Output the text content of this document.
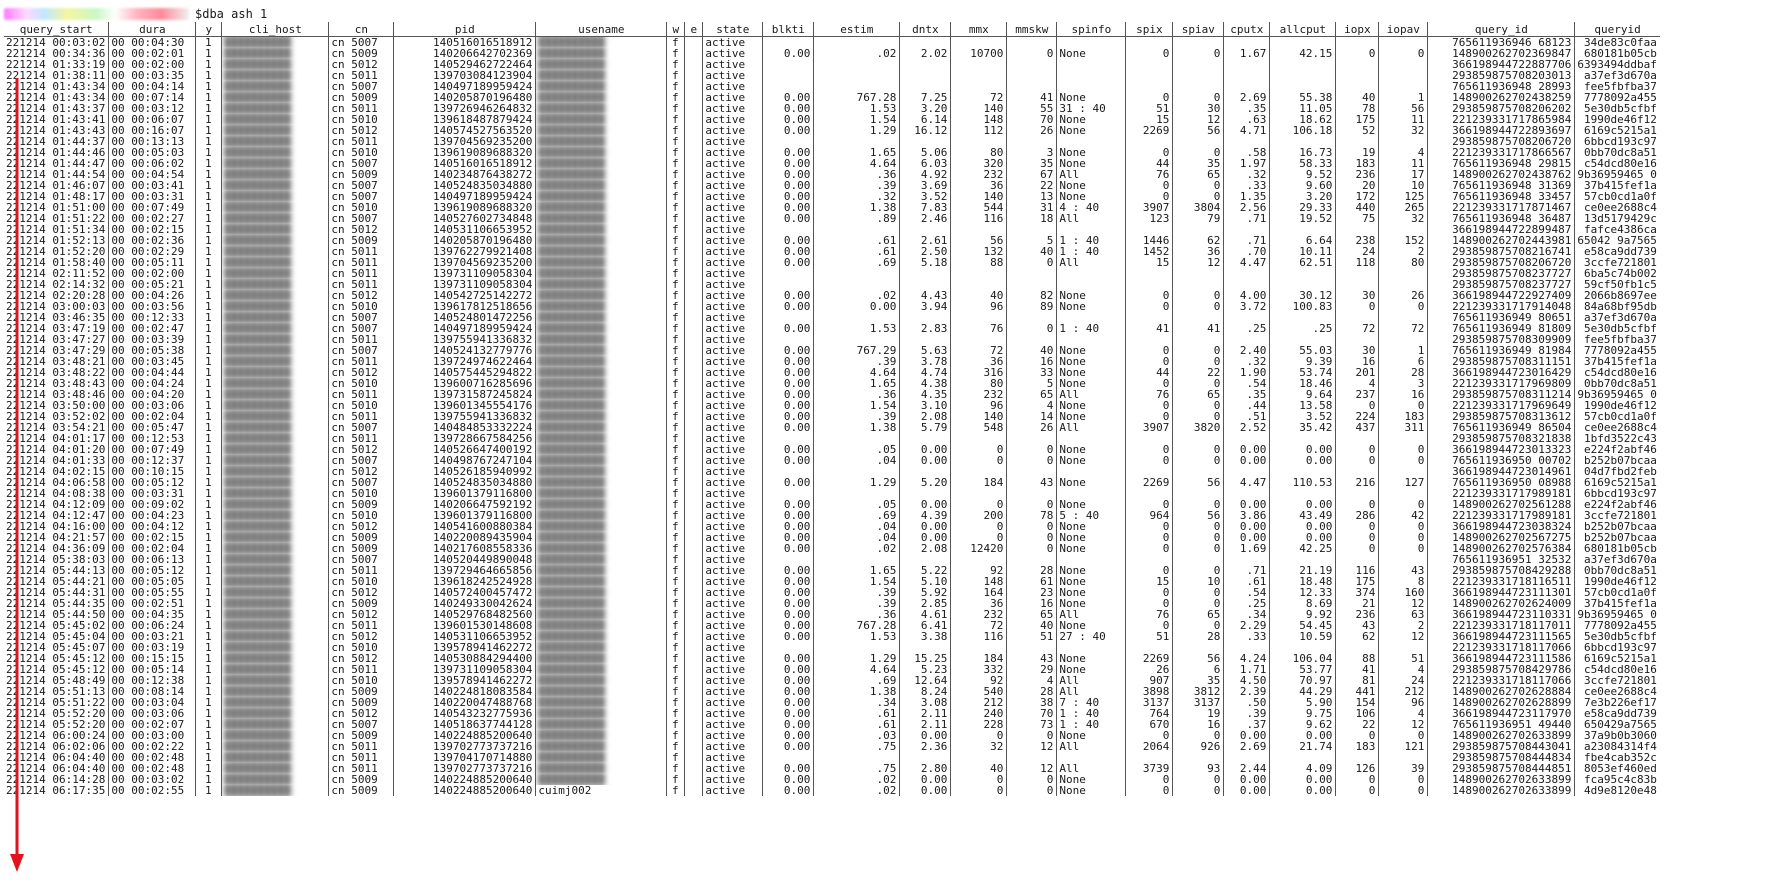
$dba ash 1
query_start	dura	y	cli_host	cn	pid	usename	w	e	state	blkti	estim	dntx	mmx	mmskw	spinfo	spix	spiav	cputx	allcput	iopx	iopav	query_id	queryid
221214 00:03:02	00 00:04:30	1	██████████	cn_5007	140516016518912	██████████	f		active													765611936946 68123	34de83c0faa
221214 00:34:36	00 00:02:01	1	██████████	cn_5009	140206642702369	██████████	f		active	0.00	.02	2.02	10700	0	None	0	0	1.67	42.15	0	0	148900262702369847	680181b05cb
221214 01:33:19	00 00:02:00	1	██████████	cn_5012	140529462722464	██████████	f		active													366198944722887706	6393494ddbaf
221214 01:38:11	00 00:03:35	1	██████████	cn_5011	139703084123904	██████████	f		active													293859875708203013	a37ef3d670a
221214 01:43:34	00 00:04:14	1	██████████	cn_5007	140497189959424	██████████	f		active													765611936948 28993	fee5fbfba37
221214 01:43:34	00 00:07:14	1	██████████	cn_5009	140205870196480	██████████	f		active	0.00	767.28	7.25	72	41	None	0	0	2.69	55.38	40	1	148900262702438259	7778092a455
221214 01:43:37	00 00:03:12	1	██████████	cn_5011	139726946264832	██████████	f		active	0.00	1.53	3.20	140	55	31 : 40	51	30	.35	11.05	78	56	293859875708206202	5e30db5cfbf
221214 01:43:41	00 00:06:07	1	██████████	cn_5010	139618487879424	██████████	f		active	0.00	1.54	6.14	148	70	None	15	12	.63	18.62	175	11	221239331717865984	1990de46f12
221214 01:43:43	00 00:16:07	1	██████████	cn_5012	140574527563520	██████████	f		active	0.00	1.29	16.12	112	26	None	2269	56	4.71	106.18	52	32	366198944722893697	6169c5215a1
221214 01:44:37	00 00:13:13	1	██████████	cn_5011	139704569235200	██████████	f		active													293859875708206720	6bbcd193c97
221214 01:44:46	00 00:05:03	1	██████████	cn_5010	139619089688320	██████████	f		active	0.00	1.65	5.06	80	3	None	0	0	.58	16.73	19	4	221239331717866567	0bb70dc8a51
221214 01:44:47	00 00:06:02	1	██████████	cn_5007	140516016518912	██████████	f		active	0.00	4.64	6.03	320	35	None	44	35	1.97	58.33	183	11	765611936948 29815	c54dcd80e16
221214 01:44:54	00 00:04:54	1	██████████	cn_5009	140234876438272	██████████	f		active	0.00	.36	4.92	232	67	All	76	65	.32	9.52	236	17	148900262702438762	9b36959465 0
221214 01:46:07	00 00:03:41	1	██████████	cn_5007	140524835034880	██████████	f		active	0.00	.39	3.69	36	22	None	0	0	.33	9.60	20	10	765611936948 31369	37b415fef1a
221214 01:48:17	00 00:03:31	1	██████████	cn_5007	140497189959424	██████████	f		active	0.00	.32	3.52	140	13	None	0	0	1.35	3.20	172	125	765611936948 33457	57cb0cd1a0f
221214 01:51:00	00 00:07:49	1	██████████	cn_5010	139619089688320	██████████	f		active	0.00	1.38	7.83	544	31	4 : 40	3907	3804	2.56	29.33	440	265	221239331717871467	ce0ee2688c4
221214 01:51:22	00 00:02:27	1	██████████	cn_5007	140527602734848	██████████	f		active	0.00	.89	2.46	116	18	All	123	79	.71	19.52	75	32	765611936948 36487	13d5179429c
221214 01:51:34	00 00:02:15	1	██████████	cn_5012	140531106653952	██████████	f		active													366198944722899487	fafce4386ca
221214 01:52:13	00 00:02:36	1	██████████	cn_5009	140205870196480	██████████	f		active	0.00	.61	2.61	56	5	1 : 40	1446	62	.71	6.64	238	152	148900262702443981	65042 9a7565
221214 01:52:20	00 00:02:29	1	██████████	cn_5011	139762279921408	██████████	f		active	0.00	.61	2.50	132	40	1 : 40	1452	36	.70	10.11	24	2	293859875708216741	e58ca9dd739
221214 01:58:40	00 00:05:11	1	██████████	cn_5011	139704569235200	██████████	f		active	0.00	.69	5.18	88	0	All	15	12	4.47	62.51	118	80	293859875708206720	3ccfe721801
221214 02:11:52	00 00:02:00	1	██████████	cn_5011	139731109058304	██████████	f		active													293859875708237727	6ba5c74b002
221214 02:14:32	00 00:05:21	1	██████████	cn_5011	139731109058304	██████████	f		active													293859875708237727	59cf50fb1c5
221214 02:20:28	00 00:04:26	1	██████████	cn_5012	140542725142272	██████████	f		active	0.00	.02	4.43	40	82	None	0	0	4.00	30.12	30	26	366198944722927409	2066b8697ee
221214 03:00:03	00 00:03:56	1	██████████	cn_5010	139617812518656	██████████	f		active	0.00	0.00	3.94	96	89	None	0	0	3.72	100.83	0	0	221239331717914048	84a68bf95db
221214 03:46:35	00 00:12:33	1	██████████	cn_5007	140524801472256	██████████	f		active													765611936949 80651	a37ef3d670a
221214 03:47:19	00 00:02:47	1	██████████	cn_5007	140497189959424	██████████	f		active	0.00	1.53	2.83	76	0	1 : 40	41	41	.25	.25	72	72	765611936949 81809	5e30db5cfbf
221214 03:47:27	00 00:03:39	1	██████████	cn_5011	139755941336832	██████████	f		active													293859875708309909	fee5fbfba37
221214 03:47:29	00 00:05:38	1	██████████	cn_5007	140524132779776	██████████	f		active	0.00	767.29	5.63	72	40	None	0	0	2.40	55.03	30	1	765611936949 81984	7778092a455
221214 03:48:21	00 00:03:45	1	██████████	cn_5011	139724974622464	██████████	f		active	0.00	.39	3.78	36	16	None	0	0	.32	9.39	16	6	293859875708311151	37b415fef1a
221214 03:48:22	00 00:04:44	1	██████████	cn_5012	140575445294822	██████████	f		active	0.00	4.64	4.74	316	33	None	44	22	1.90	53.74	201	28	366198944723016429	c54dcd80e16
221214 03:48:43	00 00:04:24	1	██████████	cn_5010	139600716285696	██████████	f		active	0.00	1.65	4.38	80	5	None	0	0	.54	18.46	4	3	221239331717969809	0bb70dc8a51
221214 03:48:46	00 00:04:20	1	██████████	cn_5011	139731587245824	██████████	f		active	0.00	.36	4.35	232	65	All	76	65	.35	9.64	237	16	293859875708311214	9b36959465 0
221214 03:50:00	00 00:03:06	1	██████████	cn_5010	139601345554176	██████████	f		active	0.00	1.54	3.10	96	4	None	0	0	.44	13.58	0	0	221239331717969649	1990de46f12
221214 03:52:02	00 00:02:04	1	██████████	cn_5011	139755941336832	██████████	f		active	0.00	.39	2.08	140	14	None	0	0	.51	3.52	224	183	293859875708313612	57cb0cd1a0f
221214 03:54:21	00 00:05:47	1	██████████	cn_5007	140484853332224	██████████	f		active	0.00	1.38	5.79	548	26	All	3907	3820	2.52	35.42	437	311	765611936949 86504	ce0ee2688c4
221214 04:01:17	00 00:12:53	1	██████████	cn_5011	139728667584256	██████████	f		active													293859875708321838	1bfd3522c43
221214 04:01:20	00 00:07:49	1	██████████	cn_5012	140526647400192	██████████	f		active	0.00	.05	0.00	0	0	None	0	0	0.00	0.00	0	0	366198944723013323	e224f2abf46
221214 04:01:33	00 00:12:37	1	██████████	cn_5007	140498767247104	██████████	f		active	0.00	.04	0.00	0	0	None	0	0	0.00	0.00	0	0	765611936950 00702	b252b07bcaa
221214 04:02:15	00 00:10:15	1	██████████	cn_5012	140526185940992	██████████	f		active													366198944723014961	04d7fbd2feb
221214 04:06:58	00 00:05:12	1	██████████	cn_5007	140524835034880	██████████	f		active	0.00	1.29	5.20	184	43	None	2269	56	4.47	110.53	216	127	765611936950 08988	6169c5215a1
221214 04:08:38	00 00:03:31	1	██████████	cn_5010	139601379116800	██████████	f		active													221239331717989181	6bbcd193c97
221214 04:12:09	00 00:09:02	1	██████████	cn_5009	140206647592192	██████████	f		active	0.00	.05	0.00	0	0	None	0	0	0.00	0.00	0	0	148900262702561288	e224f2abf46
221214 04:12:47	00 00:04:23	1	██████████	cn_5010	139601379116800	██████████	f		active	0.00	.69	4.39	200	78	5 : 40	964	56	3.86	43.49	286	42	221239331717989181	3ccfe721801
221214 04:16:00	00 00:04:12	1	██████████	cn_5012	140541600880384	██████████	f		active	0.00	.04	0.00	0	0	None	0	0	0.00	0.00	0	0	366198944723038324	b252b07bcaa
221214 04:21:57	00 00:02:15	1	██████████	cn_5009	140220089435904	██████████	f		active	0.00	.04	0.00	0	0	None	0	0	0.00	0.00	0	0	148900262702567275	b252b07bcaa
221214 04:36:09	00 00:02:04	1	██████████	cn_5009	140217608558336	██████████	f		active	0.00	.02	2.08	12420	0	None	0	0	1.69	42.25	0	0	148900262702576384	680181b05cb
221214 05:38:03	00 00:06:13	1	██████████	cn_5007	140520449890048	██████████	f		active													765611936951 32532	a37ef3d670a
221214 05:44:13	00 00:05:12	1	██████████	cn_5011	139729464665856	██████████	f		active	0.00	1.65	5.22	92	28	None	0	0	.71	21.19	116	43	293859875708429288	0bb70dc8a51
221214 05:44:21	00 00:05:05	1	██████████	cn_5010	139618242524928	██████████	f		active	0.00	1.54	5.10	148	61	None	15	10	.61	18.48	175	8	221239331718116511	1990de46f12
221214 05:44:31	00 00:05:55	1	██████████	cn_5012	140572400457472	██████████	f		active	0.00	.39	5.92	164	23	None	0	0	.54	12.33	374	160	366198944723111301	57cb0cd1a0f
221214 05:44:35	00 00:02:51	1	██████████	cn_5009	140249330042624	██████████	f		active	0.00	.39	2.85	36	16	None	0	0	.25	8.69	21	12	148900262702624009	37b415fef1a
221214 05:44:50	00 00:04:35	1	██████████	cn_5012	140529768482560	██████████	f		active	0.00	.36	4.61	232	65	All	76	65	.34	9.92	236	63	366198944723110331	9b36959465 0
221214 05:45:02	00 00:06:24	1	██████████	cn_5011	139601530148608	██████████	f		active	0.00	767.28	6.41	72	40	None	0	0	2.29	54.45	43	2	221239331718117011	7778092a455
221214 05:45:04	00 00:03:21	1	██████████	cn_5012	140531106653952	██████████	f		active	0.00	1.53	3.38	116	51	27 : 40	51	28	.33	10.59	62	12	366198944723111565	5e30db5cfbf
221214 05:45:07	00 00:03:19	1	██████████	cn_5010	139578941462272	██████████	f		active													221239331718117066	6bbcd193c97
221214 05:45:12	00 00:15:15	1	██████████	cn_5012	140530884294400	██████████	f		active	0.00	1.29	15.25	184	43	None	2269	56	4.24	106.04	88	51	366198944723111586	6169c5215a1
221214 05:45:12	00 00:05:14	1	██████████	cn_5011	139731109058304	██████████	f		active	0.00	4.64	5.23	332	29	None	26	6	1.71	53.77	41	4	293859875708429786	c54dcd80e16
221214 05:48:49	00 00:12:38	1	██████████	cn_5010	139578941462272	██████████	f		active	0.00	.69	12.64	92	4	All	907	35	4.50	70.97	81	24	221239331718117066	3ccfe721801
221214 05:51:13	00 00:08:14	1	██████████	cn_5009	140224818083584	██████████	f		active	0.00	1.38	8.24	540	28	All	3898	3812	2.39	44.29	441	212	148900262702628884	ce0ee2688c4
221214 05:51:22	00 00:03:04	1	██████████	cn_5009	140220047488768	██████████	f		active	0.00	.34	3.08	212	38	7 : 40	3137	3137	.50	5.90	154	96	148900262702628899	7e3b226ef17
221214 05:52:20	00 00:03:06	1	██████████	cn_5012	140543232775936	██████████	f		active	0.00	.61	2.11	240	70	1 : 40	764	19	.39	9.75	106	4	366198944723117970	e58ca9dd739
221214 05:52:20	00 00:02:07	1	██████████	cn_5007	140518637744128	██████████	f		active	0.00	.61	2.11	228	73	1 : 40	670	16	.37	9.62	22	12	765611936951 49440	650429a7565
221214 06:00:24	00 00:03:00	1	██████████	cn_5009	140224885200640	██████████	f		active	0.00	.03	0.00	0	0	None	0	0	0.00	0.00	0	0	148900262702633899	37a9b0b3060
221214 06:02:06	00 00:02:22	1	██████████	cn_5011	139702773737216	██████████	f		active	0.00	.75	2.36	32	12	All	2064	926	2.69	21.74	183	121	293859875708443041	a23084314f4
221214 06:04:40	00 00:02:48	1	██████████	cn_5011	139704170714880	██████████	f		active													293859875708444834	fbe4cab352c
221214 06:04:40	00 00:02:48	1	██████████	cn_5011	139702773737216	██████████	f		active	0.00	.75	2.80	40	12	All	3739	93	2.44	4.09	126	39	293859875708444851	8053ef460ed
221214 06:14:28	00 00:03:02	1	██████████	cn_5009	140224885200640	██████████	f		active	0.00	.02	0.00	0	0	None	0	0	0.00	0.00	0	0	148900262702633899	fca95c4c83b
221214 06:17:35	00 00:02:55	1	██████████	cn_5009	140224885200640	cuimj002	f		active	0.00	.02	0.00	0	0	None	0	0	0.00	0.00	0	0	148900262702633899	4d9e8120e48
